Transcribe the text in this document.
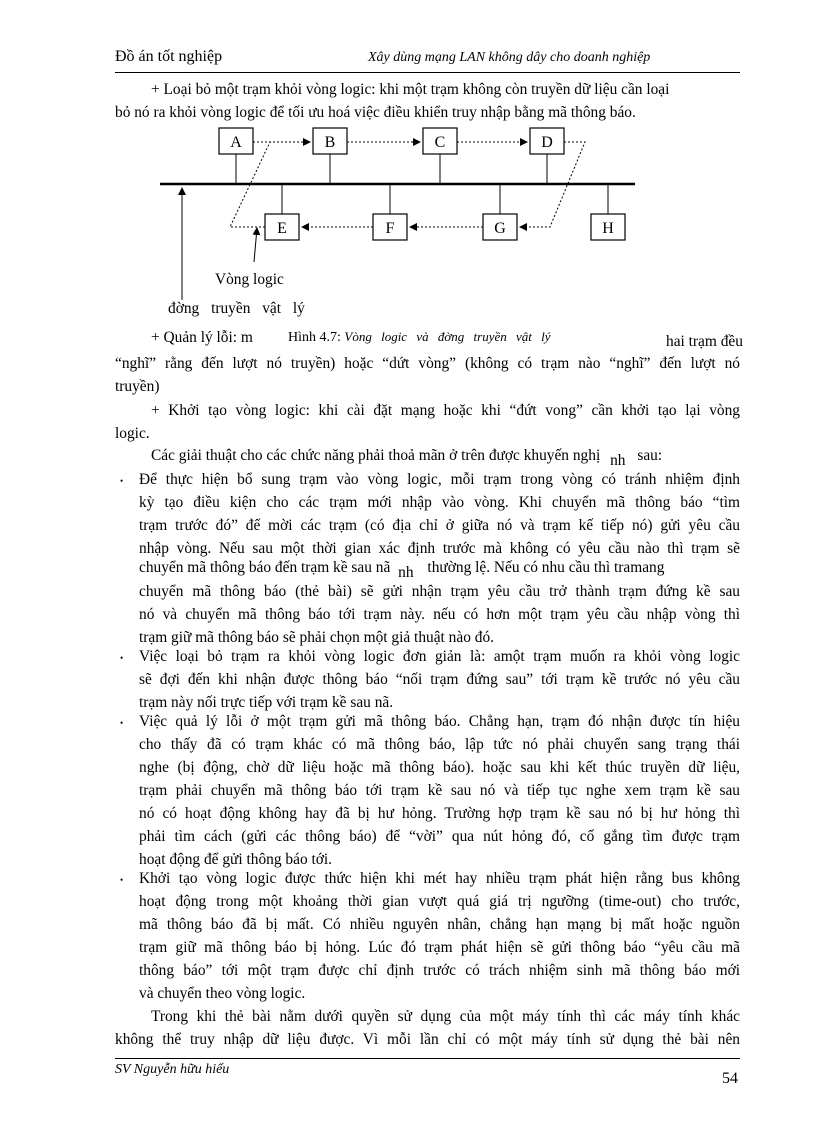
Đồ án tốt nghiệp	Xây dùng mạng LAN không dây cho doanh nghiệp
+ Loại bỏ một trạm khỏi vòng logic: khi một trạm không còn truyền dữ liệu cần loại
bỏ nó ra khỏi vòng logic để tối ưu hoá việc điều khiển truy nhập bằng mã thông báo.
A	B	C	D
E	F	G	H
Vòng logic
đờng truyền vật lý
+ Quản lý lỗi: m	Hình 4.7: Vòng logic và đờng truyền vật lý	hai trạm đều
“nghĩ” rằng đến lượt nó truyền) hoặc “dứt vòng” (không có trạm nào “nghĩ” đến lượt nó
truyền)
+ Khởi tạo vòng logic: khi cài đặt mạng hoặc khi “đứt vong” cần khởi tạo lại vòng
logic.
Các giải thuật cho các chức năng phải thoả mãn ở trên được khuyến nghị nh sau:
• Để thực hiện bổ sung trạm vào vòng logic, mỗi trạm trong vòng có tránh nhiệm định
kỳ tạo điều kiện cho các trạm mới nhập vào vòng. Khi chuyển mã thông báo “tìm
trạm trước đó” để mời các trạm (có địa chỉ ở giữa nó và trạm kế tiếp nó) gửi yêu cầu
nhập vòng. Nếu sau một thời gian xác định trước mà không có yêu cầu nào thì trạm sẽ
chuyển mã thông báo đến trạm kề sau nã nh thường lệ. Nếu có nhu cầu thì tramang
chuyển mã thông báo (thẻ bài) sẽ gửi nhận trạm yêu cầu trở thành trạm đứng kề sau
nó và chuyển mã thông báo tới trạm này. nếu có hơn một trạm yêu cầu nhập vòng thì
trạm giữ mã thông báo sẽ phải chọn một giả thuật nào đó.
• Việc loại bỏ trạm ra khỏi vòng logic đơn giản là: amột trạm muốn ra khỏi vòng logic
sẽ đợi đến khi nhận được thông báo “nối trạm đứng sau” tới trạm kề trước nó yêu cầu
trạm này nối trực tiếp với trạm kề sau nã.
• Việc quả lý lỗi ở một trạm gửi mã thông báo. Chẳng hạn, trạm đó nhận được tín hiệu
cho thấy đã có trạm khác có mã thông báo, lập tức nó phải chuyển sang trạng thái
nghe (bị động, chờ dữ liệu hoặc mã thông báo). hoặc sau khi kết thúc truyền dữ liệu,
trạm phải chuyển mã thông báo tới trạm kề sau nó và tiếp tục nghe xem trạm kề sau
nó có hoạt động không hay đã bị hư hỏng. Trường hợp trạm kề sau nó bị hư hỏng thì
phải tìm cách (gửi các thông báo) để “vời” qua nút hỏng đó, cố gắng tìm được trạm
hoạt động để gửi thông báo tới.
• Khởi tạo vòng logic được thức hiện khi mét hay nhiều trạm phát hiện rằng bus không
hoạt động trong một khoảng thời gian vượt quá giá trị ngưỡng (time-out) cho trước,
mã thông báo đã bị mất. Có nhiều nguyên nhân, chẳng hạn mạng bị mất hoặc nguồn
trạm giữ mã thông báo bị hỏng. Lúc đó trạm phát hiện sẽ gửi thông báo “yêu cầu mã
thông báo” tới một trạm được chỉ định trước có trách nhiệm sinh mã thông báo mới
và chuyển theo vòng logic.
Trong khi thẻ bài nằm dưới quyền sử dụng của một máy tính thì các máy tính khác
không thể truy nhập dữ liệu được. Vì mỗi lần chỉ có một máy tính sử dụng thẻ bài nên
SV Nguyễn hữu hiếu
54
